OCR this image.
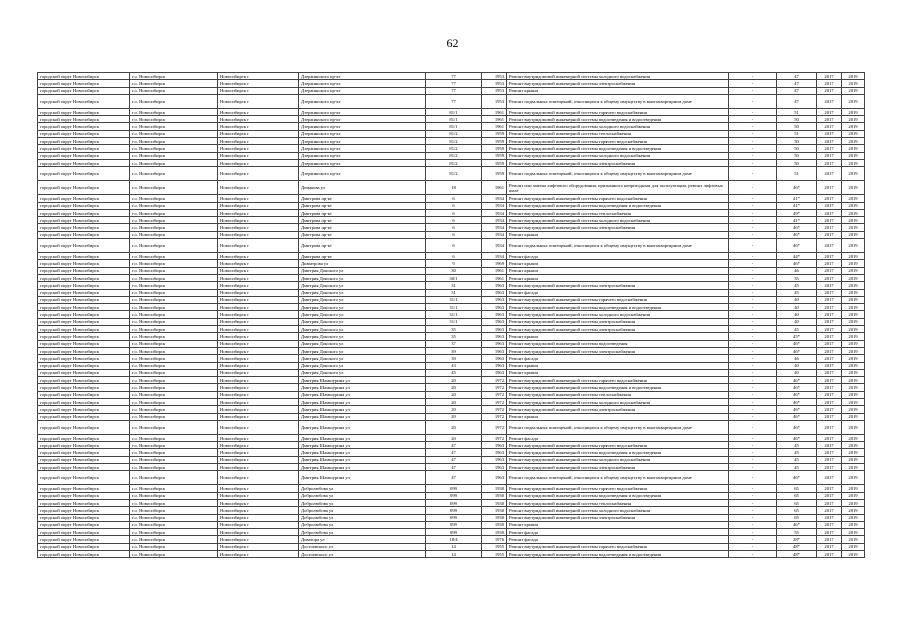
62
городской округ Новосибирск	г.о. Новосибирск	Новосибирск г	Дзержинского пр-кт	77	1953	Ремонт внутридомовой инженерной системы холодного водоснабжения	-	47	2017	2019
городской округ Новосибирск	г.о. Новосибирск	Новосибирск г	Дзержинского пр-кт	77	1953	Ремонт внутридомовой инженерной системы электроснабжения	-	47	2017	2019
городской округ Новосибирск	г.о. Новосибирск	Новосибирск г	Дзержинского пр-кт	77	1953	Ремонт крыши	-	47	2017	2019
городской округ Новосибирск	г.о. Новосибирск	Новосибирск г	Дзержинского пр-кт	77	1953	Ремонт подвальных помещений, относящихся к общему имуществу в многоквартирном доме	-	47	2017	2019
городской округ Новосибирск	г.о. Новосибирск	Новосибирск г	Дзержинского пр-кт	81/1	1961	Ремонт внутридомовой инженерной системы горячего водоснабжения	-	51	2017	2019
городской округ Новосибирск	г.о. Новосибирск	Новосибирск г	Дзержинского пр-кт	81/1	1961	Ремонт внутридомовой инженерной системы водоотведения и водоотведения	-	50	2017	2019
городской округ Новосибирск	г.о. Новосибирск	Новосибирск г	Дзержинского пр-кт	81/1	1961	Ремонт внутридомовой инженерной системы холодного водоснабжения	-	50	2017	2019
городской округ Новосибирск	г.о. Новосибирск	Новосибирск г	Дзержинского пр-кт	81/2	1959	Ремонт внутридомовой инженерной системы теплоснабжения	-	51	2017	2019
городской округ Новосибирск	г.о. Новосибирск	Новосибирск г	Дзержинского пр-кт	81/2	1959	Ремонт внутридомовой инженерной системы горячего водоснабжения	-	50	2017	2019
городской округ Новосибирск	г.о. Новосибирск	Новосибирск г	Дзержинского пр-кт	81/2	1959	Ремонт внутридомовой инженерной системы водоотведения и водоотведения	-	50	2017	2019
городской округ Новосибирск	г.о. Новосибирск	Новосибирск г	Дзержинского пр-кт	81/2	1959	Ремонт внутридомовой инженерной системы холодного водоснабжения	-	50	2017	2019
городской округ Новосибирск	г.о. Новосибирск	Новосибирск г	Дзержинского пр-кт	81/2	1959	Ремонт внутридомовой инженерной системы электроснабжения	-	50	2017	2019
городской округ Новосибирск	г.о. Новосибирск	Новосибирск г	Дзержинского пр-кт	81/2	1959	Ремонт подвальных помещений, относящихся к общему имуществу в многоквартирном доме	-	51	2017	2019
городской округ Новосибирск	г.о. Новосибирск	Новосибирск г	Демакова ул	18	1961	Ремонт или замена лифтового оборудования, признанного непригодным для эксплуатации, ремонт лифтовых шахт	-	46*	2017	2019
городской округ Новосибирск	г.о. Новосибирск	Новосибирск г	Дмитрова пр-кт	6	1934	Ремонт внутридомовой инженерной системы горячего водоснабжения	-	41*	2017	2019
городской округ Новосибирск	г.о. Новосибирск	Новосибирск г	Дмитрова пр-кт	6	1934	Ремонт внутридомовой инженерной системы водоотведения и водоотведения	-	41*	2017	2019
городской округ Новосибирск	г.о. Новосибирск	Новосибирск г	Дмитрова пр-кт	6	1934	Ремонт внутридомовой инженерной системы теплоснабжения	-	49*	2017	2019
городской округ Новосибирск	г.о. Новосибирск	Новосибирск г	Дмитрова пр-кт	6	1934	Ремонт внутридомовой инженерной системы холодного водоснабжения	-	41*	2017	2019
городской округ Новосибирск	г.о. Новосибирск	Новосибирск г	Дмитрова пр-кт	6	1934	Ремонт внутридомовой инженерной системы электроснабжения	-	46*	2017	2019
городской округ Новосибирск	г.о. Новосибирск	Новосибирск г	Дмитрова пр-кт	6	1934	Ремонт крыши	-	46*	2017	2019
городской округ Новосибирск	г.о. Новосибирск	Новосибирск г	Дмитрова пр-кт	6	1934	Ремонт подвальных помещений, относящихся к общему имуществу в многоквартирном доме	-	46*	2017	2019
городской округ Новосибирск	г.о. Новосибирск	Новосибирск г	Дмитрова пр-кт	6	1934	Ремонт фасада	-	44*	2017	2019
городской округ Новосибирск	г.о. Новосибирск	Новосибирск г	Димитрова ул	9	1969	Ремонт крыши	-	46*	2017	2019
городской округ Новосибирск	г.о. Новосибирск	Новосибирск г	Дмитрия Донского ул	30	1961	Ремонт крыши	-	46	2017	2019
городской округ Новосибирск	г.о. Новосибирск	Новосибирск г	Дмитрия Донского ул	30/1	1961	Ремонт крыши	-	35	2017	2019
городской округ Новосибирск	г.о. Новосибирск	Новосибирск г	Дмитрия Донского ул	31	1963	Ремонт внутридомовой инженерной системы электроснабжения	-	45	2017	2019
городской округ Новосибирск	г.о. Новосибирск	Новосибирск г	Дмитрия Донского ул	31	1963	Ремонт фасада	-	45	2017	2019
городской округ Новосибирск	г.о. Новосибирск	Новосибирск г	Дмитрия Донского ул	31/1	1963	Ремонт внутридомовой инженерной системы горячего водоснабжения	-	40	2017	2019
городской округ Новосибирск	г.о. Новосибирск	Новосибирск г	Дмитрия Донского ул	31/1	1963	Ремонт внутридомовой инженерной системы водоотведения и водоотведения	-	40	2017	2019
городской округ Новосибирск	г.о. Новосибирск	Новосибирск г	Дмитрия Донского ул	31/1	1963	Ремонт внутридомовой инженерной системы холодного водоснабжения	-	40	2017	2019
городской округ Новосибирск	г.о. Новосибирск	Новосибирск г	Дмитрия Донского ул	31/1	1963	Ремонт внутридомовой инженерной системы электроснабжения	-	40	2017	2019
городской округ Новосибирск	г.о. Новосибирск	Новосибирск г	Дмитрия Донского ул	35	1963	Ремонт внутридомовой инженерной системы электроснабжения	-	45	2017	2019
городской округ Новосибирск	г.о. Новосибирск	Новосибирск г	Дмитрия Донского ул	35	1963	Ремонт крыши	-	45*	2017	2019
городской округ Новосибирск	г.о. Новосибирск	Новосибирск г	Дмитрия Донского ул	37	1963	Ремонт внутридомовой инженерной системы водоотведения	-	46*	2017	2019
городской округ Новосибирск	г.о. Новосибирск	Новосибирск г	Дмитрия Донского ул	39	1963	Ремонт внутридомовой инженерной системы электроснабжения	-	46*	2017	2019
городской округ Новосибирск	г.о. Новосибирск	Новосибирск г	Дмитрия Донского ул	39	1963	Ремонт фасада	-	46	2017	2019
городской округ Новосибирск	г.о. Новосибирск	Новосибирск г	Дмитрия Донского ул	43	1963	Ремонт крыши	-	40	2017	2019
городской округ Новосибирск	г.о. Новосибирск	Новосибирск г	Дмитрия Донского ул	45	1963	Ремонт крыши	-	40	2017	2019
городской округ Новосибирск	г.о. Новосибирск	Новосибирск г	Дмитрия Шамшурина ул	20	1972	Ремонт внутридомовой инженерной системы горячего водоснабжения	-	46*	2017	2019
городской округ Новосибирск	г.о. Новосибирск	Новосибирск г	Дмитрия Шамшурина ул	20	1972	Ремонт внутридомовой инженерной системы водоотведения и водоотведения	-	46*	2017	2019
городской округ Новосибирск	г.о. Новосибирск	Новосибирск г	Дмитрия Шамшурина ул	20	1972	Ремонт внутридомовой инженерной системы теплоснабжения	-	46*	2017	2019
городской округ Новосибирск	г.о. Новосибирск	Новосибирск г	Дмитрия Шамшурина ул	20	1972	Ремонт внутридомовой инженерной системы холодного водоснабжения	-	46*	2017	2019
городской округ Новосибирск	г.о. Новосибирск	Новосибирск г	Дмитрия Шамшурина ул	20	1972	Ремонт внутридомовой инженерной системы электроснабжения	-	46*	2017	2019
городской округ Новосибирск	г.о. Новосибирск	Новосибирск г	Дмитрия Шамшурина ул	20	1972	Ремонт крыши	-	46*	2017	2019
городской округ Новосибирск	г.о. Новосибирск	Новосибирск г	Дмитрия Шамшурина ул	20	1972	Ремонт подвальных помещений, относящихся к общему имуществу в многоквартирном доме	-	46*	2017	2019
городской округ Новосибирск	г.о. Новосибирск	Новосибирск г	Дмитрия Шамшурина ул	20	1972	Ремонт фасада	-	46*	2017	2019
городской округ Новосибирск	г.о. Новосибирск	Новосибирск г	Дмитрия Шамшурина ул	47	1963	Ремонт внутридомовой инженерной системы горячего водоснабжения	-	45	2017	2019
городской округ Новосибирск	г.о. Новосибирск	Новосибирск г	Дмитрия Шамшурина ул	47	1963	Ремонт внутридомовой инженерной системы водоотведения и водоотведения	-	45	2017	2019
городской округ Новосибирск	г.о. Новосибирск	Новосибирск г	Дмитрия Шамшурина ул	47	1963	Ремонт внутридомовой инженерной системы холодного водоснабжения	-	45	2017	2019
городской округ Новосибирск	г.о. Новосибирск	Новосибирск г	Дмитрия Шамшурина ул	47	1963	Ремонт внутридомовой инженерной системы электроснабжения	-	45	2017	2019
городской округ Новосибирск	г.о. Новосибирск	Новосибирск г	Дмитрия Шамшурина ул	47	1963	Ремонт подвальных помещений, относящихся к общему имуществу в многоквартирном доме	-	46*	2017	2019
городской округ Новосибирск	г.о. Новосибирск	Новосибирск г	Добролюбова ул	099	1930	Ремонт внутридомовой инженерной системы горячего водоснабжения	-	65	2017	2019
городской округ Новосибирск	г.о. Новосибирск	Новосибирск г	Добролюбова ул	099	1930	Ремонт внутридомовой инженерной системы водоотведения и водоотведения	-	65	2017	2019
городской округ Новосибирск	г.о. Новосибирск	Новосибирск г	Добролюбова ул	099	1930	Ремонт внутридомовой инженерной системы теплоснабжения	-	65	2017	2019
городской округ Новосибирск	г.о. Новосибирск	Новосибирск г	Добролюбова ул	099	1930	Ремонт внутридомовой инженерной системы холодного водоснабжения	-	65	2017	2019
городской округ Новосибирск	г.о. Новосибирск	Новосибирск г	Добролюбова ул	099	1930	Ремонт внутридомовой инженерной системы электроснабжения	-	65	2017	2019
городской округ Новосибирск	г.о. Новосибирск	Новосибирск г	Добролюбова ул	099	1930	Ремонт крыши	-	46*	2017	2019
городской округ Новосибирск	г.о. Новосибирск	Новосибирск г	Добролюбова ул	099	1930	Ремонт фасада	-	55	2017	2019
городской округ Новосибирск	г.о. Новосибирск	Новосибирск г	Доватора ул	18/4	1976	Ремонт фасада	-	28*	2017	2019
городской округ Новосибирск	г.о. Новосибирск	Новосибирск г	Достоевского ул	14	1955	Ремонт внутридомовой инженерной системы горячего водоснабжения	-	48*	2017	2019
городской округ Новосибирск	г.о. Новосибирск	Новосибирск г	Достоевского ул	14	1955	Ремонт внутридомовой инженерной системы водоотведения и водоотведения	-	48*	2017	2019
